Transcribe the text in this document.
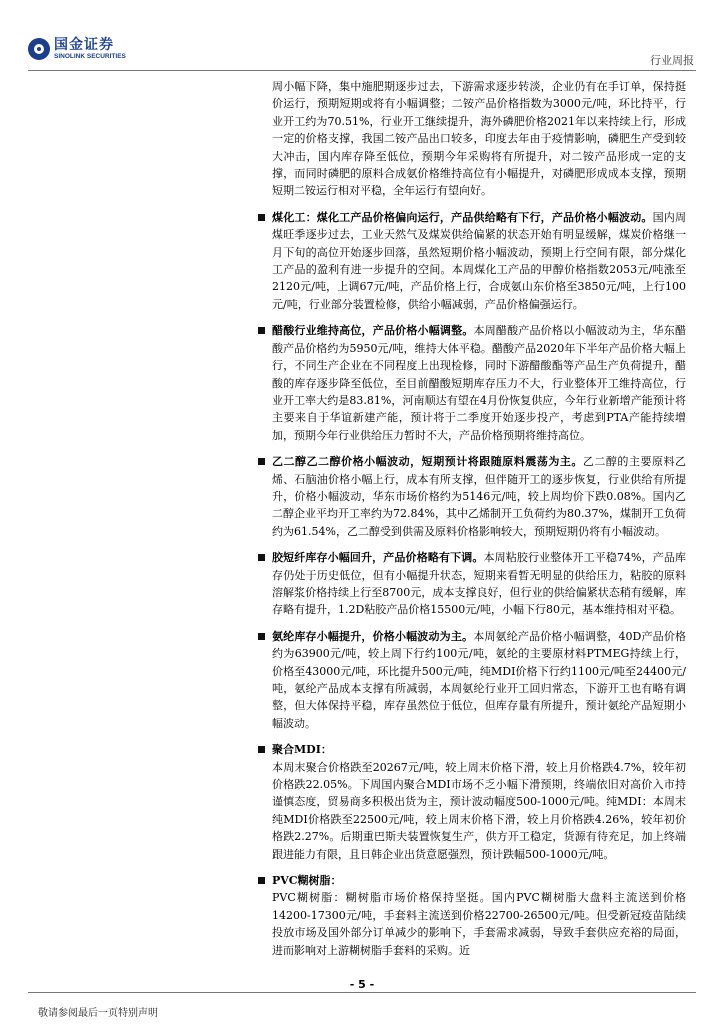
国金证券
SINOLINK SECURITIES	行业周报

周小幅下降，集中施肥期逐步过去，下游需求逐步转淡，企业仍有在手订单，保持挺价运行，预期短期或将有小幅调整；二铵产品价格指数为3000元/吨，环比持平，行业开工约为70.51%，行业开工继续提升，海外磷肥价格2021年以来持续上行，形成一定的价格支撑，我国二铵产品出口较多，印度去年由于疫情影响，磷肥生产受到较大冲击，国内库存降至低位，预期今年采购将有所提升，对二铵产品形成一定的支撑，而同时磷肥的原料合成氨价格维持高位有小幅提升，对磷肥形成成本支撑，预期短期二铵运行相对平稳，全年运行有望向好。

煤化工：煤化工产品价格偏向运行，产品供给略有下行，产品价格小幅波动。国内周煤旺季逐步过去，工业天然气及煤炭供给偏紧的状态开始有明显缓解，煤炭价格继一月下旬的高位开始逐步回落，虽然短期价格小幅波动，预期上行空间有限，部分煤化工产品的盈利有进一步提升的空间。本周煤化工产品的甲醇价格指数2053元/吨涨至2120元/吨，上调67元/吨，产品价格上行，合成氨山东价格至3850元/吨，上行100元/吨，行业部分装置检修，供给小幅减弱，产品价格偏强运行。

醋酸行业维持高位，产品价格小幅调整。本周醋酸产品价格以小幅波动为主，华东醋酸产品价格约为5950元/吨，维持大体平稳。醋酸产品2020年下半年产品价格大幅上行，不同生产企业在不同程度上出现检修，同时下游醋酸酯等产品生产负荷提升，醋酸的库存逐步降至低位，至目前醋酸短期库存压力不大，行业整体开工维持高位，行业开工率大约是83.81%，河南顺达有望在4月份恢复供应，今年行业新增产能预计将主要来自于华谊新建产能，预计将于二季度开始逐步投产，考虑到PTA产能持续增加，预期今年行业供给压力暂时不大，产品价格预期将维持高位。

乙二醇乙二醇价格小幅波动，短期预计将跟随原料震荡为主。乙二醇的主要原料乙烯、石脑油价格小幅上行，成本有所支撑，但伴随开工的逐步恢复，行业供给有所提升，价格小幅波动，华东市场价格约为5146元/吨，较上周均价下跌0.08%。国内乙二醇企业平均开工率约为72.84%，其中乙烯制开工负荷约为80.37%，煤制开工负荷约为61.54%，乙二醇受到供需及原料价格影响较大，预期短期仍将有小幅波动。

胶短纤库存小幅回升，产品价格略有下调。本周粘胶行业整体开工平稳74%，产品库存仍处于历史低位，但有小幅提升状态，短期来看暂无明显的供给压力，粘胶的原料溶解浆价格持续上行至8700元，成本支撑良好，但行业的供给偏紧状态稍有缓解，库存略有提升，1.2D粘胶产品价格15500元/吨，小幅下行80元，基本维持相对平稳。

氨纶库存小幅提升，价格小幅波动为主。本周氨纶产品价格小幅调整，40D产品价格约为63900元/吨，较上周下行约100元/吨，氨纶的主要原材料PTMEG持续上行，价格至43000元/吨，环比提升500元/吨，纯MDI价格下行约1100元/吨至24400元/吨，氨纶产品成本支撑有所减弱，本周氨纶行业开工回归常态，下游开工也有略有调整，但大体保持平稳，库存虽然位于低位，但库存量有所提升，预计氨纶产品短期小幅波动。

聚合MDI：

本周末聚合价格跌至20267元/吨，较上周末价格下滑，较上月价格跌4.7%，较年初价格跌22.05%。下周国内聚合MDI市场不乏小幅下滑预期，终端依旧对高价入市持谨慎态度，贸易商多积极出货为主，预计波动幅度500-1000元/吨。纯MDI：本周末纯MDI价格跌至22500元/吨，较上周末价格下滑，较上月价格跌4.26%，较年初价格跌2.27%。后期重巴斯夫装置恢复生产，供方开工稳定，货源有待充足，加上终端跟进能力有限，且日韩企业出货意愿强烈，预计跌幅500-1000元/吨。

PVC糊树脂：

PVC糊树脂：糊树脂市场价格保持坚挺。国内PVC糊树脂大盘料主流送到价格14200-17300元/吨，手套料主流送到价格22700-26500元/吨。但受新冠疫苗陆续投放市场及国外部分订单减少的影响下，手套需求减弱，导致手套供应充裕的局面，进而影响对上游糊树脂手套料的采购。近

- 5 -
敬请参阅最后一页特别声明
